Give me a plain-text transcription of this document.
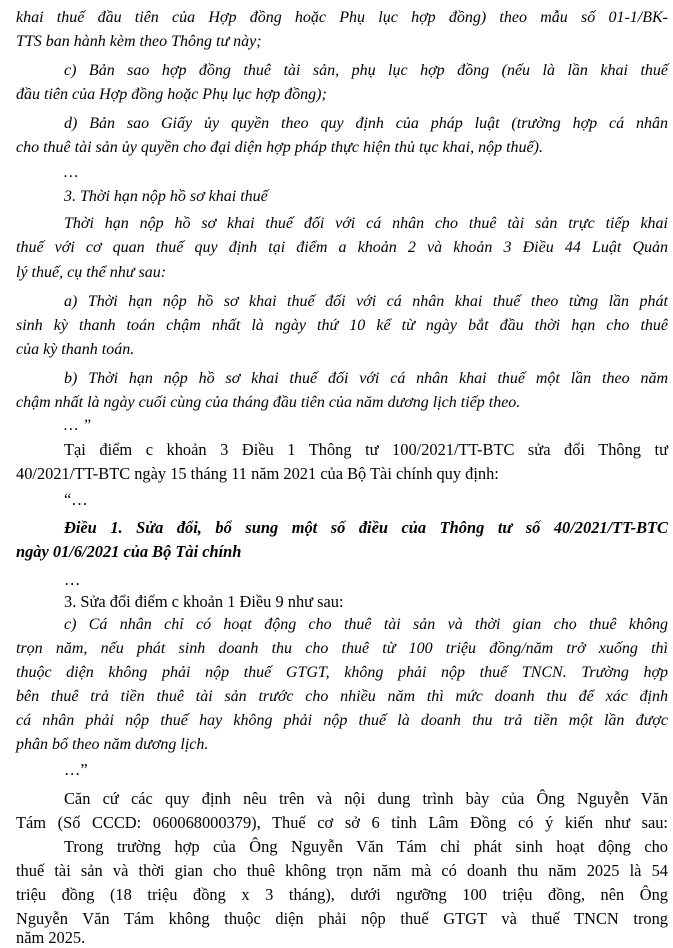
khai thuế đầu tiên của Hợp đồng hoặc Phụ lục hợp đồng) theo mẫu số 01-1/BK-
TTS ban hành kèm theo Thông tư này;
c) Bản sao hợp đồng thuê tài sản, phụ lục hợp đồng (nếu là lần khai thuế
đầu tiên của Hợp đồng hoặc Phụ lục hợp đồng);
d) Bản sao Giấy ủy quyền theo quy định của pháp luật (trường hợp cá nhân
cho thuê tài sản ủy quyền cho đại diện hợp pháp thực hiện thủ tục khai, nộp thuế).
…
3. Thời hạn nộp hồ sơ khai thuế
Thời hạn nộp hồ sơ khai thuế đối với cá nhân cho thuê tài sản trực tiếp khai
thuế với cơ quan thuế quy định tại điểm a khoản 2 và khoản 3 Điều 44 Luật Quản
lý thuế, cụ thể như sau:
a) Thời hạn nộp hồ sơ khai thuế đối với cá nhân khai thuế theo từng lần phát
sinh kỳ thanh toán chậm nhất là ngày thứ 10 kể từ ngày bắt đầu thời hạn cho thuê
của kỳ thanh toán.
b) Thời hạn nộp hồ sơ khai thuế đối với cá nhân khai thuế một lần theo năm
chậm nhất là ngày cuối cùng của tháng đầu tiên của năm dương lịch tiếp theo.
… ”
Tại điểm c khoản 3 Điều 1 Thông tư 100/2021/TT-BTC sửa đổi Thông tư
40/2021/TT-BTC ngày 15 tháng 11 năm 2021 của Bộ Tài chính quy định:
“…
Điều 1. Sửa đổi, bổ sung một số điều của Thông tư số 40/2021/TT-BTC
ngày 01/6/2021 của Bộ Tài chính
…
3. Sửa đổi điểm c khoản 1 Điều 9 như sau:
c) Cá nhân chỉ có hoạt động cho thuê tài sản và thời gian cho thuê không
trọn năm, nếu phát sinh doanh thu cho thuê từ 100 triệu đồng/năm trở xuống thì
thuộc diện không phải nộp thuế GTGT, không phải nộp thuế TNCN. Trường hợp
bên thuê trả tiền thuê tài sản trước cho nhiều năm thì mức doanh thu để xác định
cá nhân phải nộp thuế hay không phải nộp thuế là doanh thu trả tiền một lần được
phân bổ theo năm dương lịch.
…”
Căn cứ các quy định nêu trên và nội dung trình bày của Ông Nguyễn Văn
Tám (Số CCCD: 060068000379), Thuế cơ sở 6 tỉnh Lâm Đồng có ý kiến như sau:
Trong trường hợp của Ông Nguyễn Văn Tám chỉ phát sinh hoạt động cho
thuế tài sản và thời gian cho thuê không trọn năm mà có doanh thu năm 2025 là 54
triệu đồng (18 triệu đồng x 3 tháng), dưới ngưỡng 100 triệu đồng, nên Ông
Nguyễn Văn Tám không thuộc diện phải nộp thuế GTGT và thuế TNCN trong
năm 2025.
